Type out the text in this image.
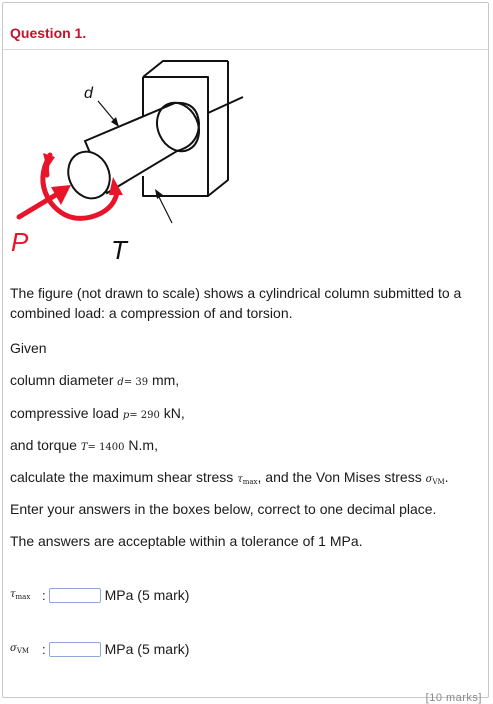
Question 1.
d
P	T
The figure (not drawn to scale) shows a cylindrical column submitted to a combined load: a compression of and torsion.
Given
column diameter d= 39 mm,
compressive load p= 290 kN,
and torque T= 1400 N.m,
calculate the maximum shear stress $\tau_{max}$, and the Von Mises stress $\sigma_{VM}$.
Enter your answers in the boxes below, correct to one decimal place.
The answers are acceptable within a tolerance of 1 MPa.
$\tau_{max}$ :	MPa (5 mark)
$\sigma_{VM}$ :	MPa (5 mark)
[10 marks]
